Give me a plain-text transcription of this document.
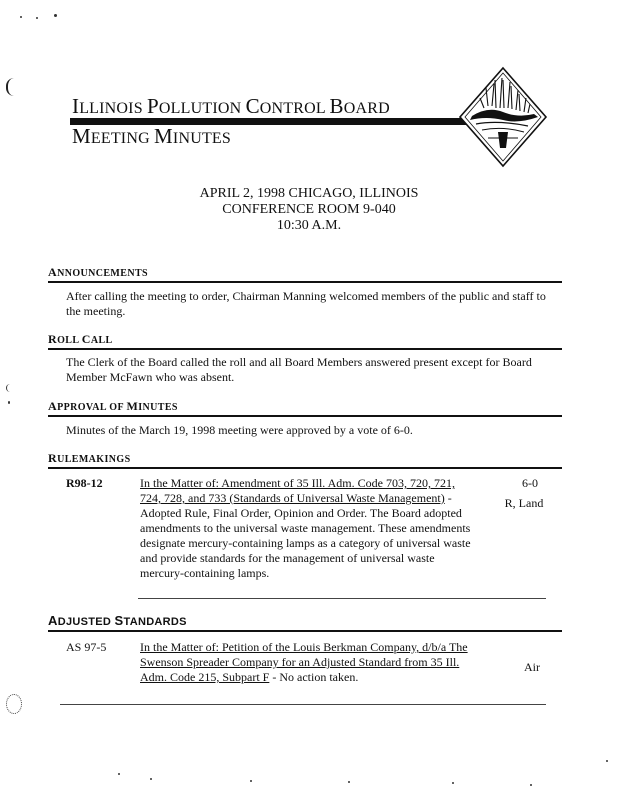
ILLINOIS POLLUTION CONTROL BOARD
MEETING MINUTES
APRIL 2, 1998 CHICAGO, ILLINOIS
CONFERENCE ROOM 9-040
10:30 A.M.
ANNOUNCEMENTS
After calling the meeting to order, Chairman Manning welcomed members of the public and staff to the meeting.
ROLL CALL
The Clerk of the Board called the roll and all Board Members answered present except for Board Member McFawn who was absent.
APPROVAL OF MINUTES
Minutes of the March 19, 1998 meeting were approved by a vote of 6-0.
RULEMAKINGS
R98-12	In the Matter of: Amendment of 35 Ill. Adm. Code 703, 720, 721, 724, 728, and 733 (Standards of Universal Waste Management) - Adopted Rule, Final Order, Opinion and Order. The Board adopted amendments to the universal waste management. These amendments designate mercury-containing lamps as a category of universal waste and provide standards for the management of universal waste mercury-containing lamps.
6-0
R, Land
ADJUSTED STANDARDS
AS 97-5	In the Matter of: Petition of the Louis Berkman Company, d/b/a The Swenson Spreader Company for an Adjusted Standard from 35 Ill. Adm. Code 215, Subpart F - No action taken.
Air
